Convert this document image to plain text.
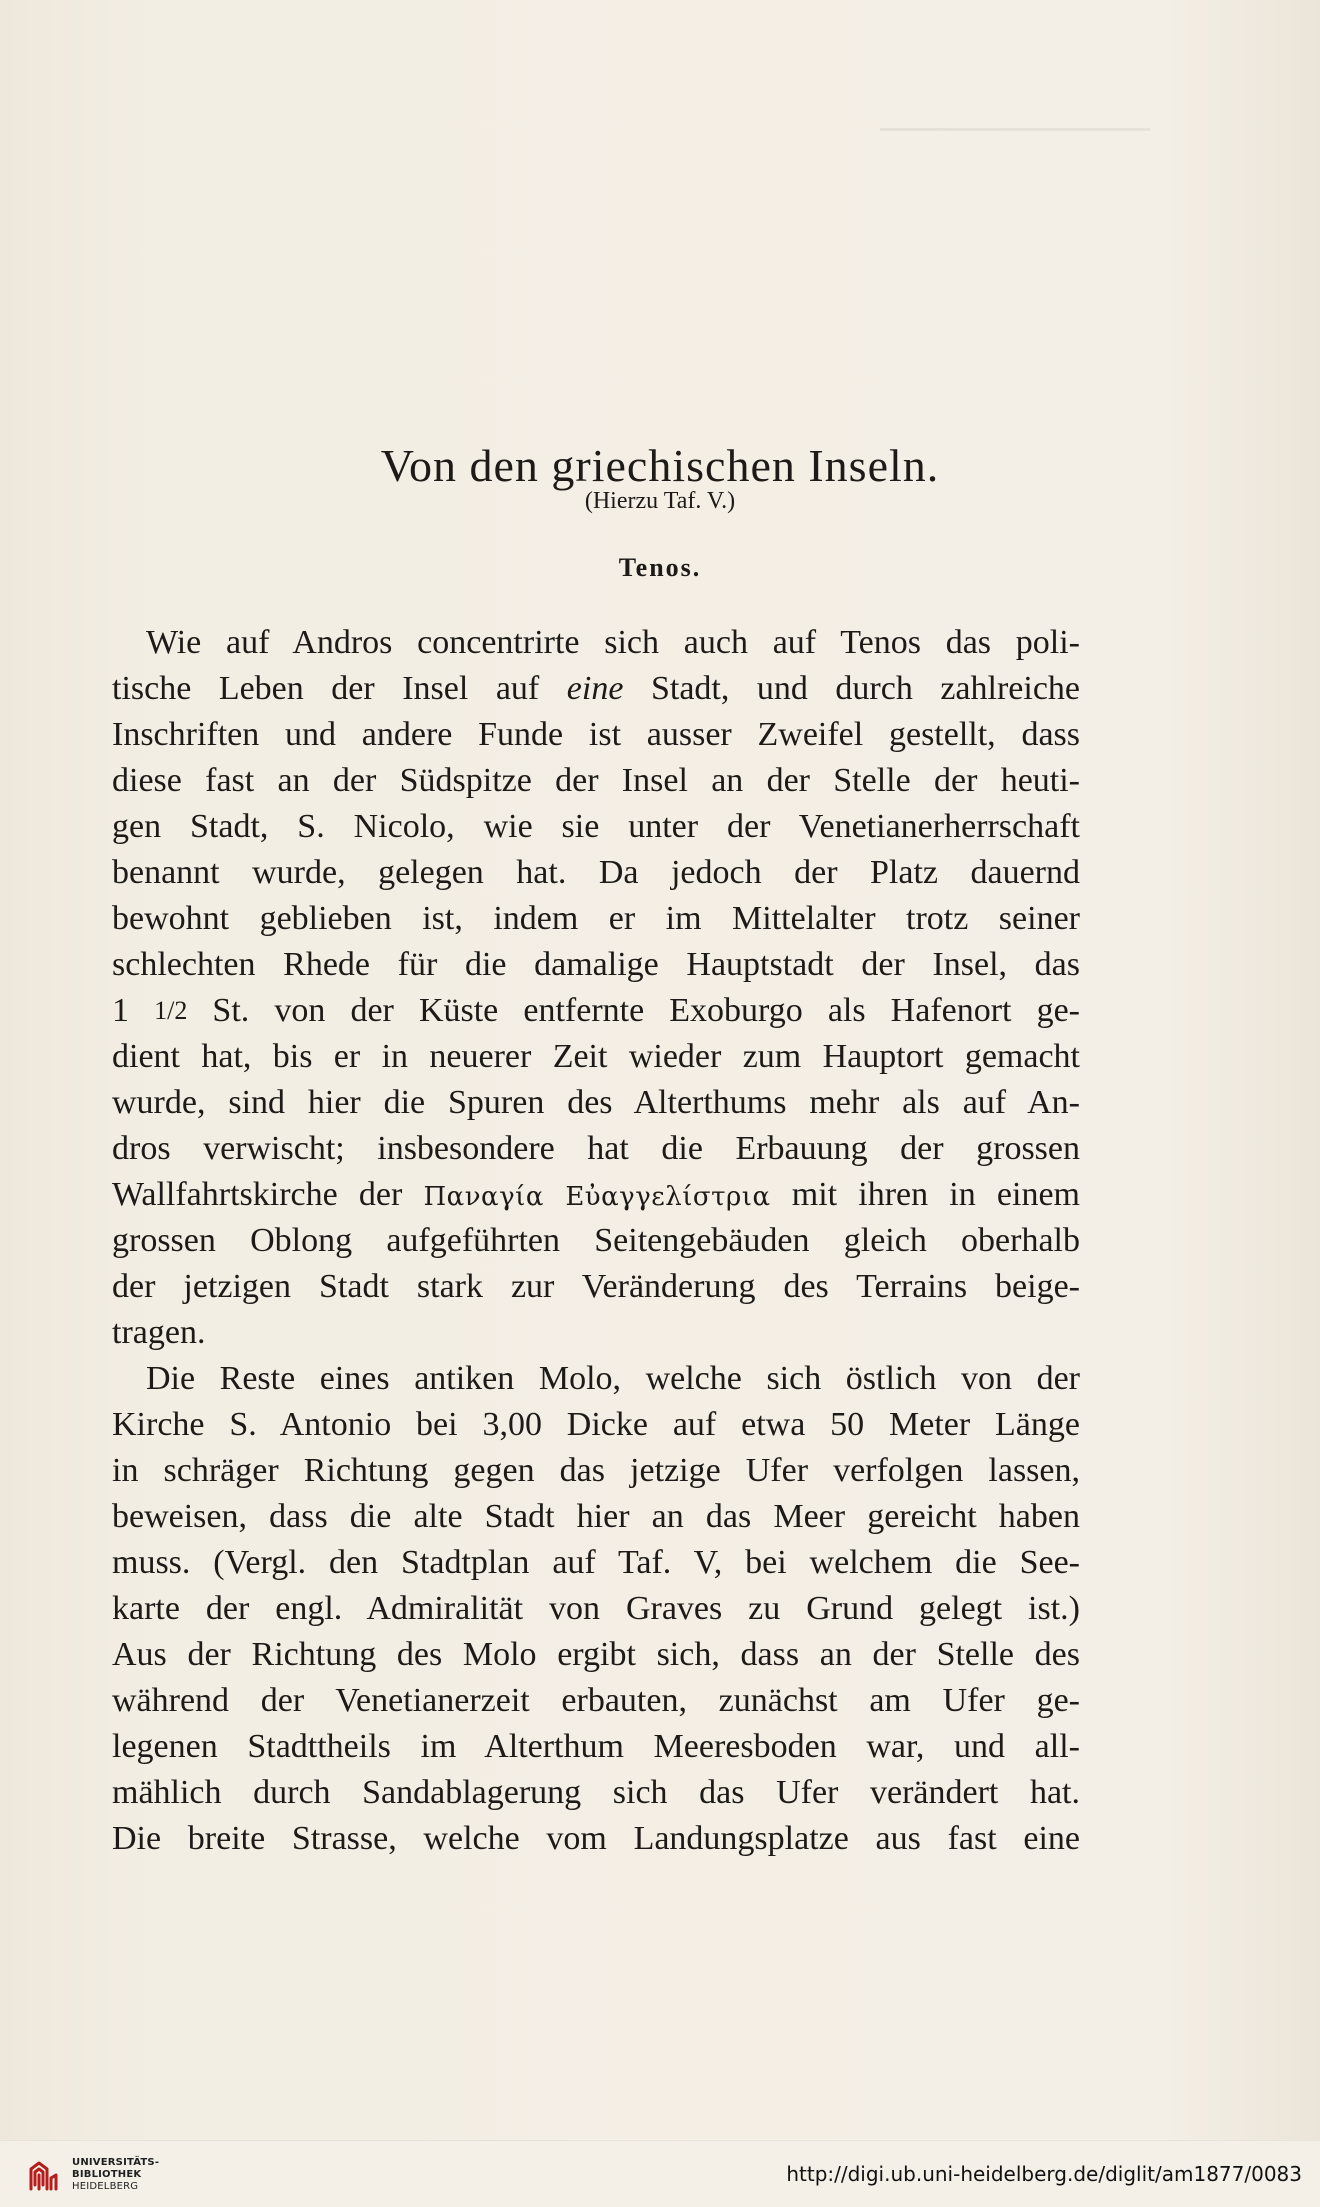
Von den griechischen Inseln.
(Hierzu Taf. V.)
Tenos.
Wie auf Andros concentrirte sich auch auf Tenos das poli-
tische Leben der Insel auf eine Stadt, und durch zahlreiche
Inschriften und andere Funde ist ausser Zweifel gestellt, dass
diese fast an der Südspitze der Insel an der Stelle der heuti-
gen Stadt, S. Nicolo, wie sie unter der Venetianerherrschaft
benannt wurde, gelegen hat. Da jedoch der Platz dauernd
bewohnt geblieben ist, indem er im Mittelalter trotz seiner
schlechten Rhede für die damalige Hauptstadt der Insel, das
1 1/2 St. von der Küste entfernte Exoburgo als Hafenort ge-
dient hat, bis er in neuerer Zeit wieder zum Hauptort gemacht
wurde, sind hier die Spuren des Alterthums mehr als auf An-
dros verwischt; insbesondere hat die Erbauung der grossen
Wallfahrtskirche der Παναγία Εὐαγγελίστρια mit ihren in einem
grossen Oblong aufgeführten Seitengebäuden gleich oberhalb
der jetzigen Stadt stark zur Veränderung des Terrains beige-
tragen.
Die Reste eines antiken Molo, welche sich östlich von der
Kirche S. Antonio bei 3,00 Dicke auf etwa 50 Meter Länge
in schräger Richtung gegen das jetzige Ufer verfolgen lassen,
beweisen, dass die alte Stadt hier an das Meer gereicht haben
muss. (Vergl. den Stadtplan auf Taf. V, bei welchem die See-
karte der engl. Admiralität von Graves zu Grund gelegt ist.)
Aus der Richtung des Molo ergibt sich, dass an der Stelle des
während der Venetianerzeit erbauten, zunächst am Ufer ge-
legenen Stadttheils im Alterthum Meeresboden war, und all-
mählich durch Sandablagerung sich das Ufer verändert hat.
Die breite Strasse, welche vom Landungsplatze aus fast eine
UNIVERSITÄTS-
BIBLIOTHEK
HEIDELBERG
http://digi.ub.uni-heidelberg.de/diglit/am1877/0083
